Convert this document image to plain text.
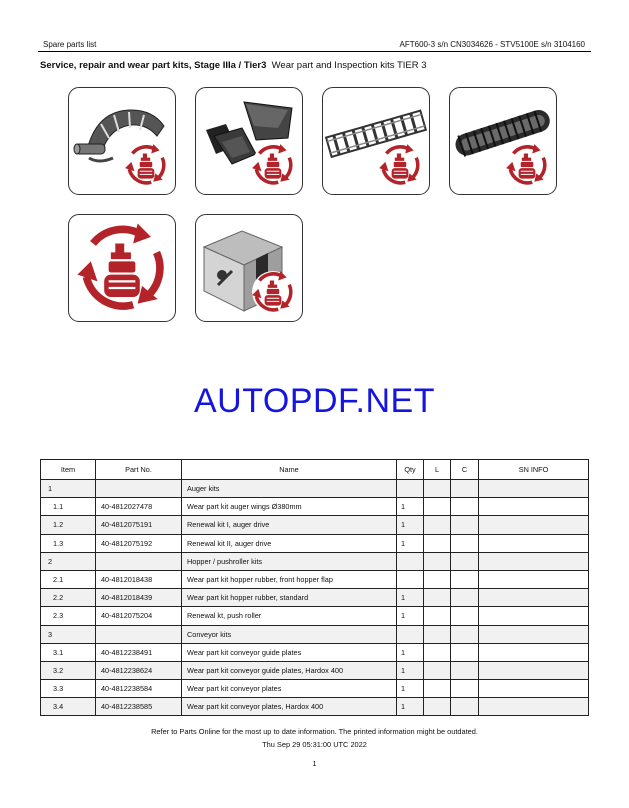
Spare parts list	AFT600-3 s/n CN3034626 - STV5100E s/n 3104160
Service, repair and wear part kits, Stage IIIa / Tier3 Wear part and Inspection kits TIER 3
AUTOPDF.NET
Item	Part No.	Name	Qty	L	C	SN INFO
1		Auger kits				
1.1	40-4812027478	Wear part kit auger wings Ø380mm	1			
1.2	40-4812075191	Renewal kit I, auger drive	1			
1.3	40-4812075192	Renewal kit II, auger drive	1			
2		Hopper / pushroller kits				
2.1	40-4812018438	Wear part kit hopper rubber, front hopper flap				
2.2	40-4812018439	Wear part kit hopper rubber, standard	1			
2.3	40-4812075204	Renewal kt, push roller	1			
3		Conveyor kits				
3.1	40-4812238491	Wear part kit conveyor guide plates	1			
3.2	40-4812238624	Wear part kit conveyor guide plates, Hardox 400	1			
3.3	40-4812238584	Wear part kit conveyor plates	1			
3.4	40-4812238585	Wear part kit conveyor plates, Hardox 400	1			
Refer to Parts Online for the most up to date information. The printed information might be outdated.
Thu Sep 29 05:31:00 UTC 2022
1
